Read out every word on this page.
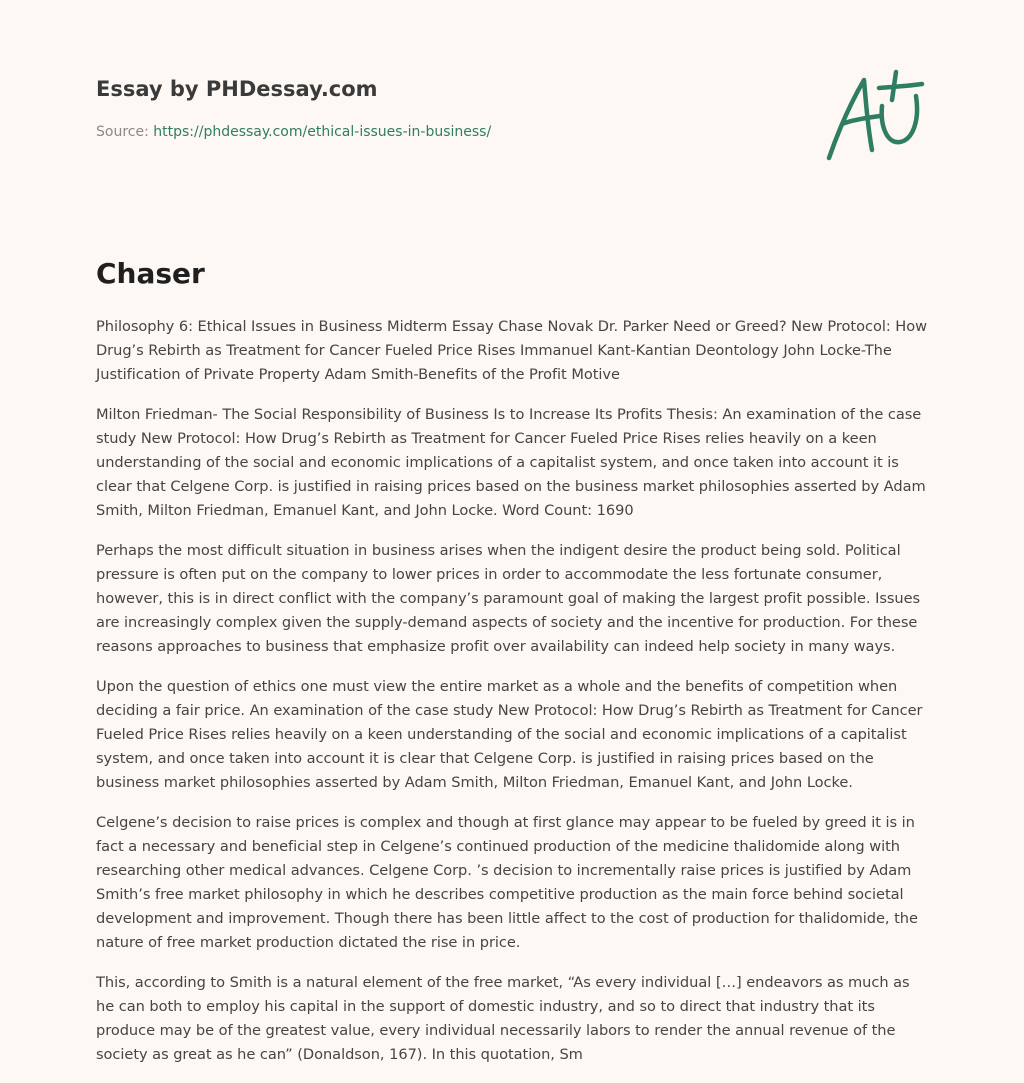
Essay by PHDessay.com
Source: https://phdessay.com/ethical-issues-in-business/
Chaser

Philosophy 6: Ethical Issues in Business Midterm Essay Chase Novak Dr. Parker Need or Greed? New Protocol: How Drug’s Rebirth as Treatment for Cancer Fueled Price Rises Immanuel Kant-Kantian Deontology John Locke-The Justification of Private Property Adam Smith-Benefits of the Profit Motive

Milton Friedman- The Social Responsibility of Business Is to Increase Its Profits Thesis: An examination of the case study New Protocol: How Drug’s Rebirth as Treatment for Cancer Fueled Price Rises relies heavily on a keen understanding of the social and economic implications of a capitalist system, and once taken into account it is clear that Celgene Corp. is justified in raising prices based on the business market philosophies asserted by Adam Smith, Milton Friedman, Emanuel Kant, and John Locke. Word Count: 1690

Perhaps the most difficult situation in business arises when the indigent desire the product being sold. Political pressure is often put on the company to lower prices in order to accommodate the less fortunate consumer, however, this is in direct conflict with the company’s paramount goal of making the largest profit possible. Issues are increasingly complex given the supply-demand aspects of society and the incentive for production. For these reasons approaches to business that emphasize profit over availability can indeed help society in many ways.

Upon the question of ethics one must view the entire market as a whole and the benefits of competition when deciding a fair price. An examination of the case study New Protocol: How Drug’s Rebirth as Treatment for Cancer Fueled Price Rises relies heavily on a keen understanding of the social and economic implications of a capitalist system, and once taken into account it is clear that Celgene Corp. is justified in raising prices based on the business market philosophies asserted by Adam Smith, Milton Friedman, Emanuel Kant, and John Locke.

Celgene’s decision to raise prices is complex and though at first glance may appear to be fueled by greed it is in fact a necessary and beneficial step in Celgene’s continued production of the medicine thalidomide along with researching other medical advances. Celgene Corp. ’s decision to incrementally raise prices is justified by Adam Smith’s free market philosophy in which he describes competitive production as the main force behind societal development and improvement. Though there has been little affect to the cost of production for thalidomide, the nature of free market production dictated the rise in price.

This, according to Smith is a natural element of the free market, “As every individual […] endeavors as much as he can both to employ his capital in the support of domestic industry, and so to direct that industry that its produce may be of the greatest value, every individual necessarily labors to render the annual revenue of the society as great as he can” (Donaldson, 167). In this quotation, Sm
